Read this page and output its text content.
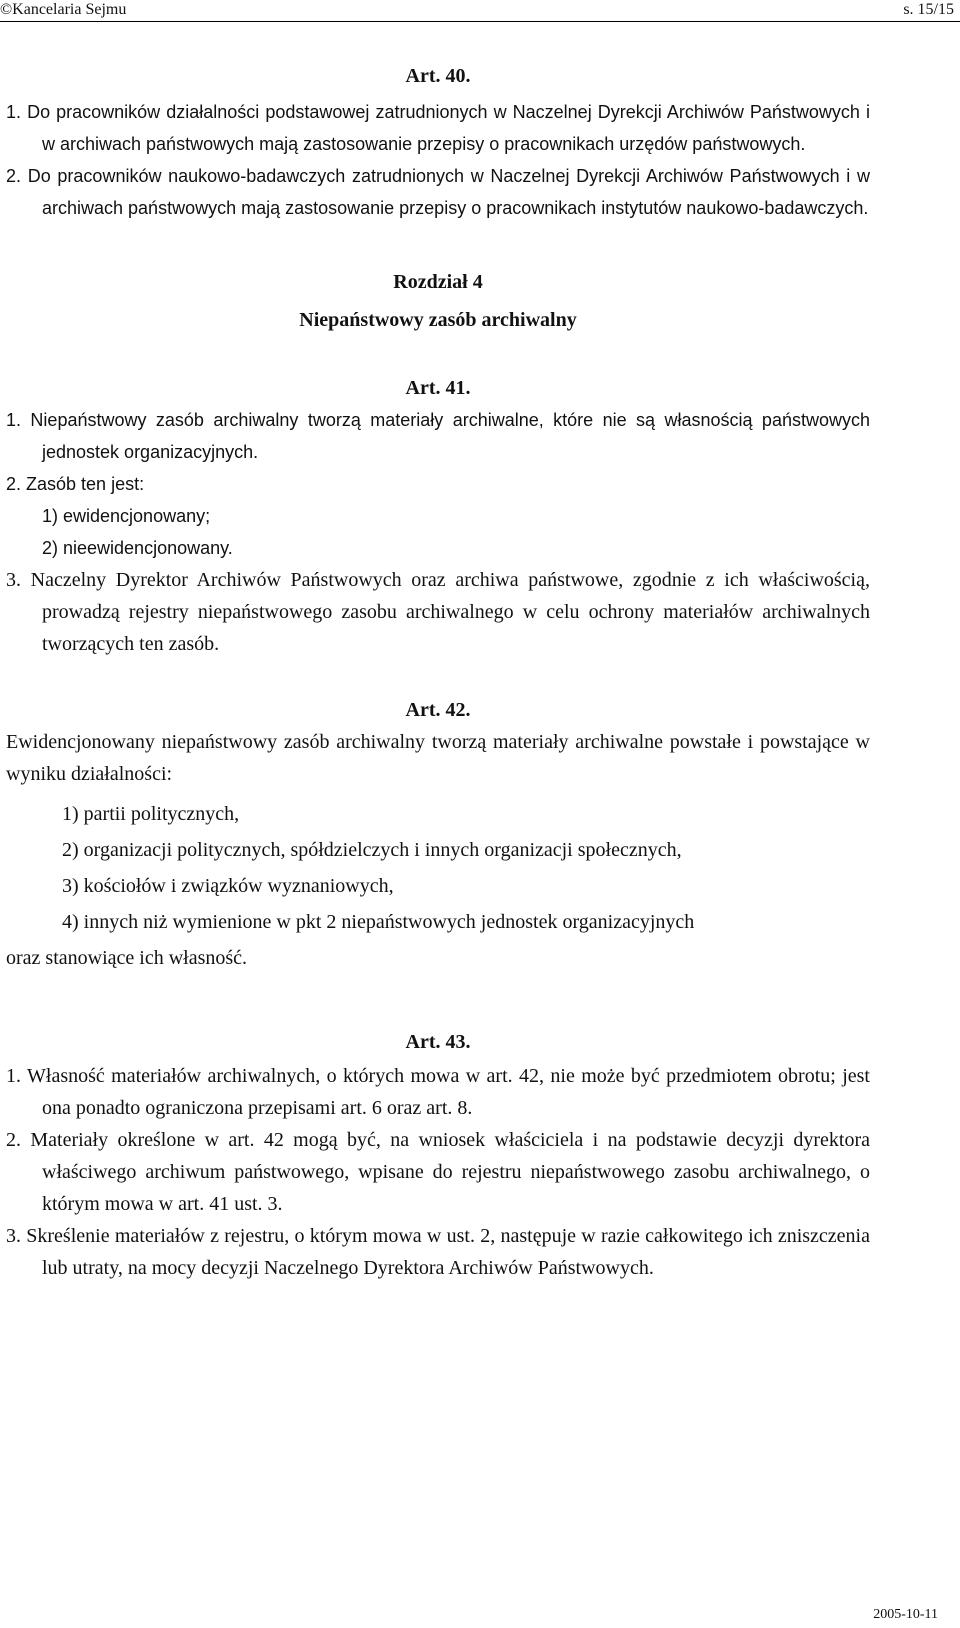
©Kancelaria Sejmu	s. 15/15
Art. 40.
1. Do pracowników działalności podstawowej zatrudnionych w Naczelnej Dyrekcji Archiwów Państwowych i w archiwach państwowych mają zastosowanie przepisy o pracownikach urzędów państwowych.
2. Do pracowników naukowo-badawczych zatrudnionych w Naczelnej Dyrekcji Archiwów Państwowych i w archiwach państwowych mają zastosowanie przepisy o pracownikach instytutów naukowo-badawczych.
Rozdział 4
Niepaństwowy zasób archiwalny
Art. 41.
1. Niepaństwowy zasób archiwalny tworzą materiały archiwalne, które nie są własnością państwowych jednostek organizacyjnych.
2. Zasób ten jest:
1) ewidencjonowany;
2) nieewidencjonowany.
3. Naczelny Dyrektor Archiwów Państwowych oraz archiwa państwowe, zgodnie z ich właściwością, prowadzą rejestry niepaństwowego zasobu archiwalnego w celu ochrony materiałów archiwalnych tworzących ten zasób.
Art. 42.
Ewidencjonowany niepaństwowy zasób archiwalny tworzą materiały archiwalne powstałe i powstające w wyniku działalności:
1) partii politycznych,
2) organizacji politycznych, spółdzielczych i innych organizacji społecznych,
3) kościołów i związków wyznaniowych,
4) innych niż wymienione w pkt 2 niepaństwowych jednostek organizacyjnych
oraz stanowiące ich własność.
Art. 43.
1. Własność materiałów archiwalnych, o których mowa w art. 42, nie może być przedmiotem obrotu; jest ona ponadto ograniczona przepisami art. 6 oraz art. 8.
2. Materiały określone w art. 42 mogą być, na wniosek właściciela i na podstawie decyzji dyrektora właściwego archiwum państwowego, wpisane do rejestru niepaństwowego zasobu archiwalnego, o którym mowa w art. 41 ust. 3.
3. Skreślenie materiałów z rejestru, o którym mowa w ust. 2, następuje w razie całkowitego ich zniszczenia lub utraty, na mocy decyzji Naczelnego Dyrektora Archiwów Państwowych.
2005-10-11
